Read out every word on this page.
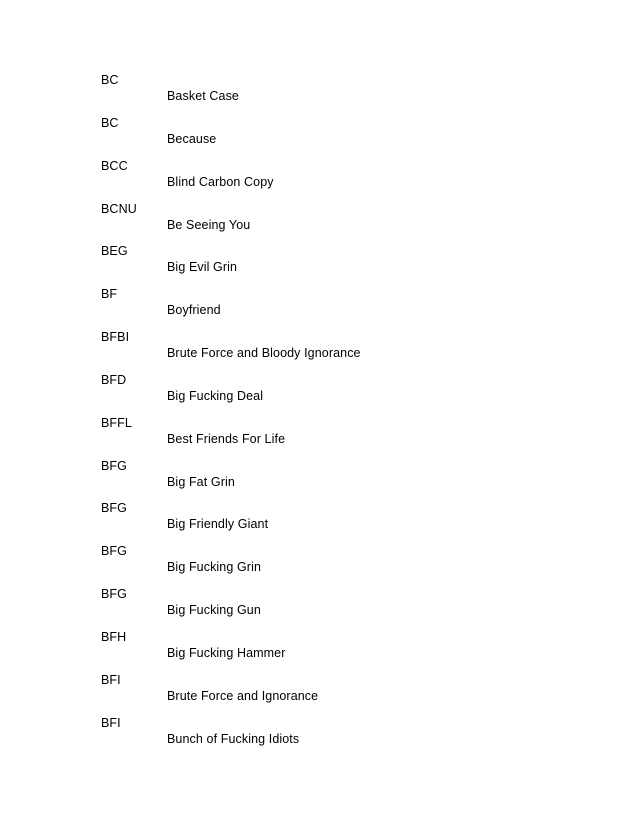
BC
Basket Case
BC
Because
BCC
Blind Carbon Copy
BCNU
Be Seeing You
BEG
Big Evil Grin
BF
Boyfriend
BFBI
Brute Force and Bloody Ignorance
BFD
Big Fucking Deal
BFFL
Best Friends For Life
BFG
Big Fat Grin
BFG
Big Friendly Giant
BFG
Big Fucking Grin
BFG
Big Fucking Gun
BFH
Big Fucking Hammer
BFI
Brute Force and Ignorance
BFI
Bunch of Fucking Idiots
